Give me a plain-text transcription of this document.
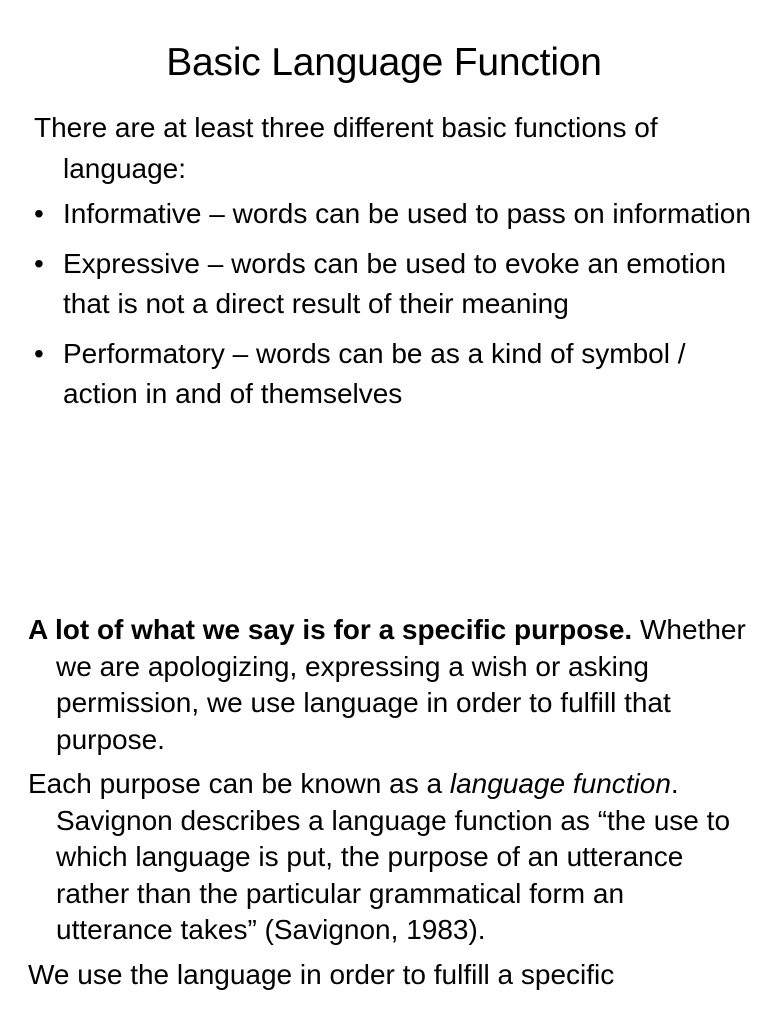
Basic Language Function

There are at least three different basic functions of language:

• Informative – words can be used to pass on information
• Expressive – words can be used to evoke an emotion that is not a direct result of their meaning
• Performatory – words can be as a kind of symbol / action in and of themselves

A lot of what we say is for a specific purpose. Whether we are apologizing, expressing a wish or asking permission, we use language in order to fulfill that purpose.

Each purpose can be known as a language function. Savignon describes a language function as “the use to which language is put, the purpose of an utterance rather than the particular grammatical form an utterance takes” (Savignon, 1983).

We use the language in order to fulfill a specific
